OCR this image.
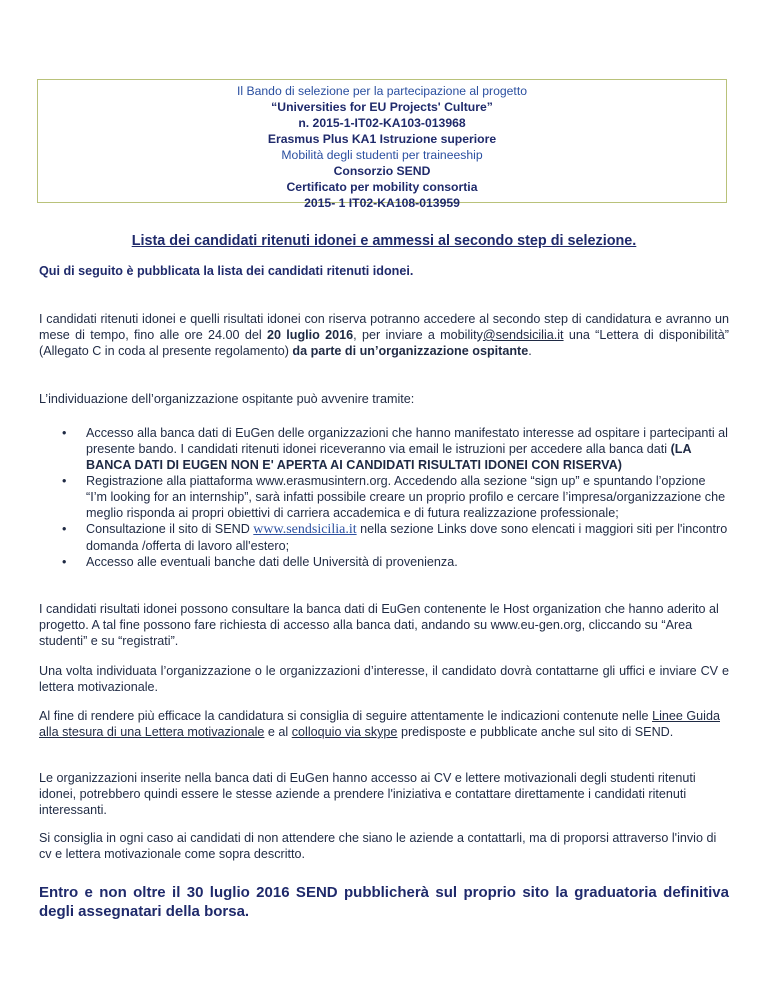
Il Bando di selezione per la partecipazione al progetto
“Universities for EU Projects' Culture”
n. 2015-1-IT02-KA103-013968
Erasmus Plus KA1 Istruzione superiore
Mobilità degli studenti per traineeship
Consorzio SEND
Certificato per mobility consortia
2015- 1 IT02-KA108-013959
Lista dei candidati ritenuti idonei e ammessi al secondo step di selezione.

Qui di seguito è pubblicata la lista dei candidati ritenuti idonei.

I candidati ritenuti idonei e quelli risultati idonei con riserva potranno accedere al secondo step di candidatura e avranno un mese di tempo, fino alle ore 24.00 del 20 luglio 2016, per inviare a mobility@sendsicilia.it una “Lettera di disponibilità” (Allegato C in coda al presente regolamento) da parte di un’organizzazione ospitante.

L’individuazione dell’organizzazione ospitante può avvenire tramite:

• Accesso alla banca dati di EuGen delle organizzazioni che hanno manifestato interesse ad ospitare i partecipanti al presente bando. I candidati ritenuti idonei riceveranno via email le istruzioni per accedere alla banca dati (LA BANCA DATI DI EUGEN NON E' APERTA AI CANDIDATI RISULTATI IDONEI CON RISERVA)
• Registrazione alla piattaforma www.erasmusintern.org. Accedendo alla sezione “sign up” e spuntando l’opzione “I’m looking for an internship”, sarà infatti possibile creare un proprio profilo e cercare l’impresa/organizzazione che meglio risponda ai propri obiettivi di carriera accademica e di futura realizzazione professionale;
• Consultazione il sito di SEND www.sendsicilia.it nella sezione Links dove sono elencati i maggiori siti per l'incontro domanda /offerta di lavoro all'estero;
• Accesso alle eventuali banche dati delle Università di provenienza.

I candidati risultati idonei possono consultare la banca dati di EuGen contenente le Host organization che hanno aderito al progetto. A tal fine possono fare richiesta di accesso alla banca dati, andando su www.eu-gen.org, cliccando su “Area studenti” e su “registrati”.

Una volta individuata l’organizzazione o le organizzazioni d’interesse, il candidato dovrà contattarne gli uffici e inviare CV e lettera motivazionale.

Al fine di rendere più efficace la candidatura si consiglia di seguire attentamente le indicazioni contenute nelle Linee Guida alla stesura di una Lettera motivazionale e al colloquio via skype predisposte e pubblicate anche sul sito di SEND.

Le organizzazioni inserite nella banca dati di EuGen hanno accesso ai CV e lettere motivazionali degli studenti ritenuti idonei, potrebbero quindi essere le stesse aziende a prendere l'iniziativa e contattare direttamente i candidati ritenuti interessanti.

Si consiglia in ogni caso ai candidati di non attendere che siano le aziende a contattarli, ma di proporsi attraverso l'invio di cv e lettera motivazionale come sopra descritto.

Entro e non oltre il 30 luglio 2016 SEND pubblicherà sul proprio sito la graduatoria definitiva degli assegnatari della borsa.
